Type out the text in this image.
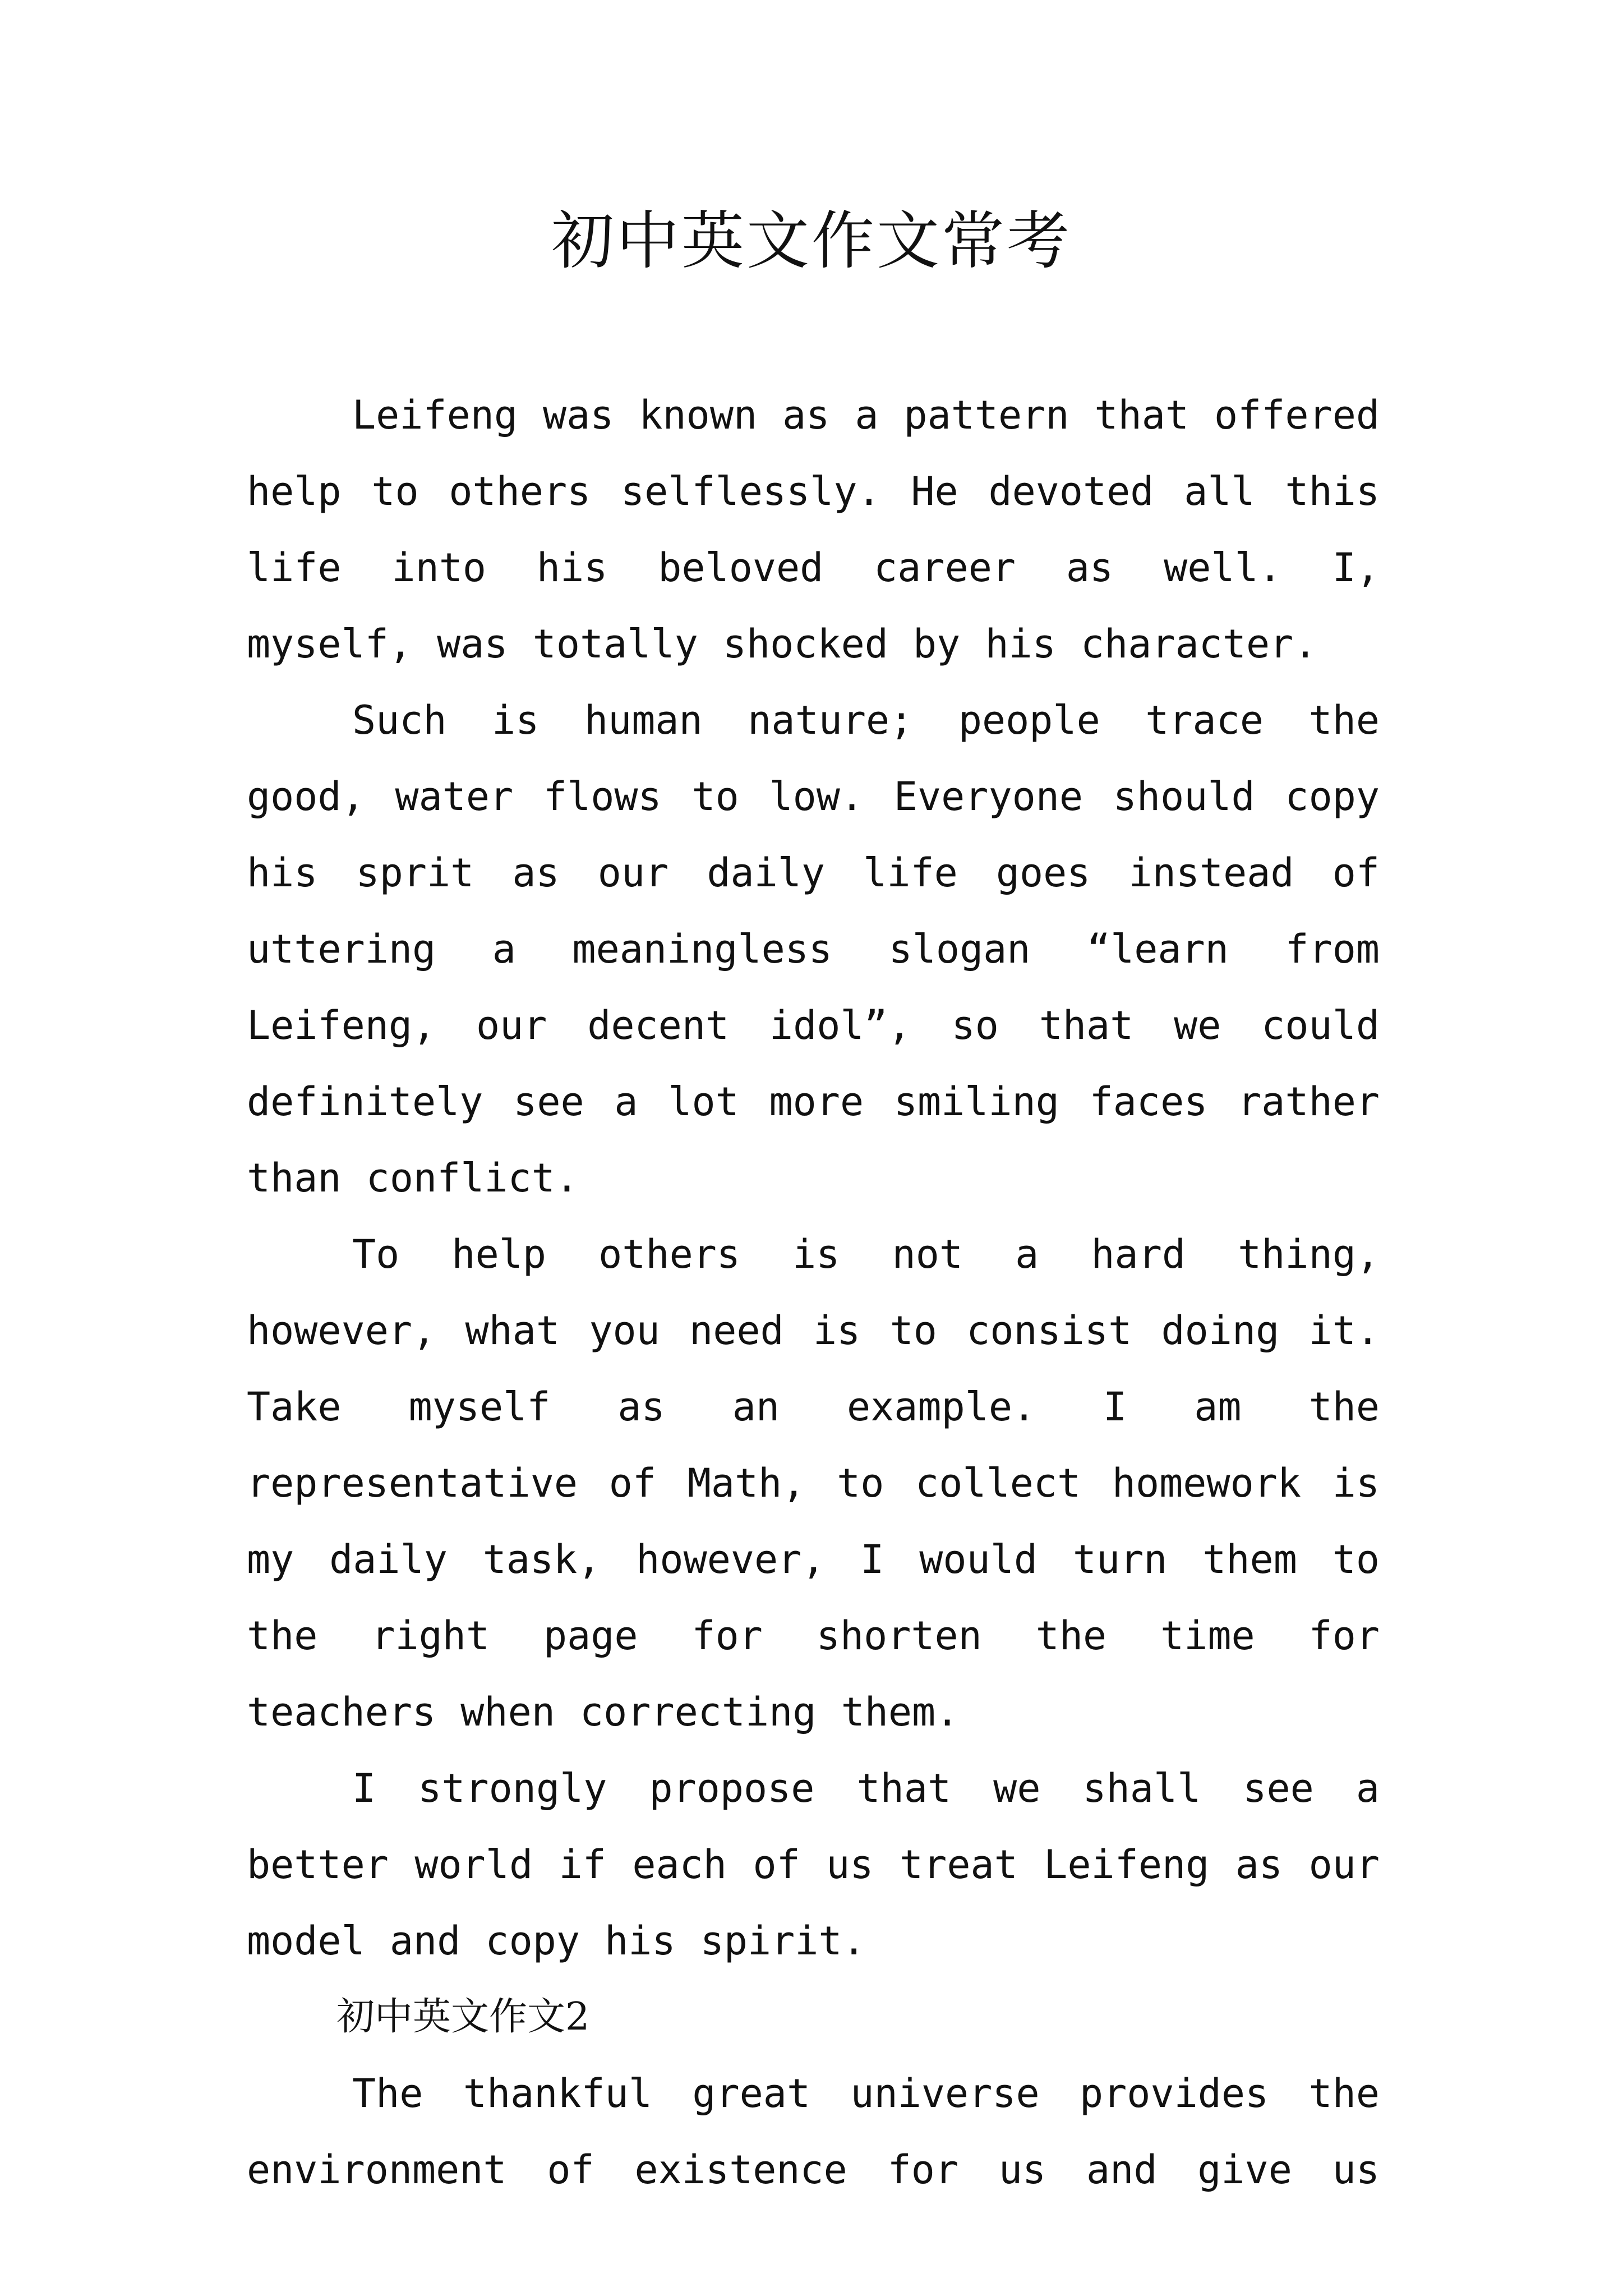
初中英文作文常考

Leifeng was known as a pattern that offered help to others selflessly. He devoted all this life into his beloved career as well. I, myself, was totally shocked by his character.

Such is human nature; people trace the good, water flows to low. Everyone should copy his sprit as our daily life goes instead of uttering a meaningless slogan “learn from Leifeng, our decent idol”, so that we could definitely see a lot more smiling faces rather than conflict.

To help others is not a hard thing, however, what you need is to consist doing it. Take myself as an example. I am the representative of Math, to collect homework is my daily task, however, I would turn them to the right page for shorten the time for teachers when correcting them.

I strongly propose that we shall see a better world if each of us treat Leifeng as our model and copy his spirit.

初中英文作文2

The thankful great universe provides the environment of existence for us and give us
